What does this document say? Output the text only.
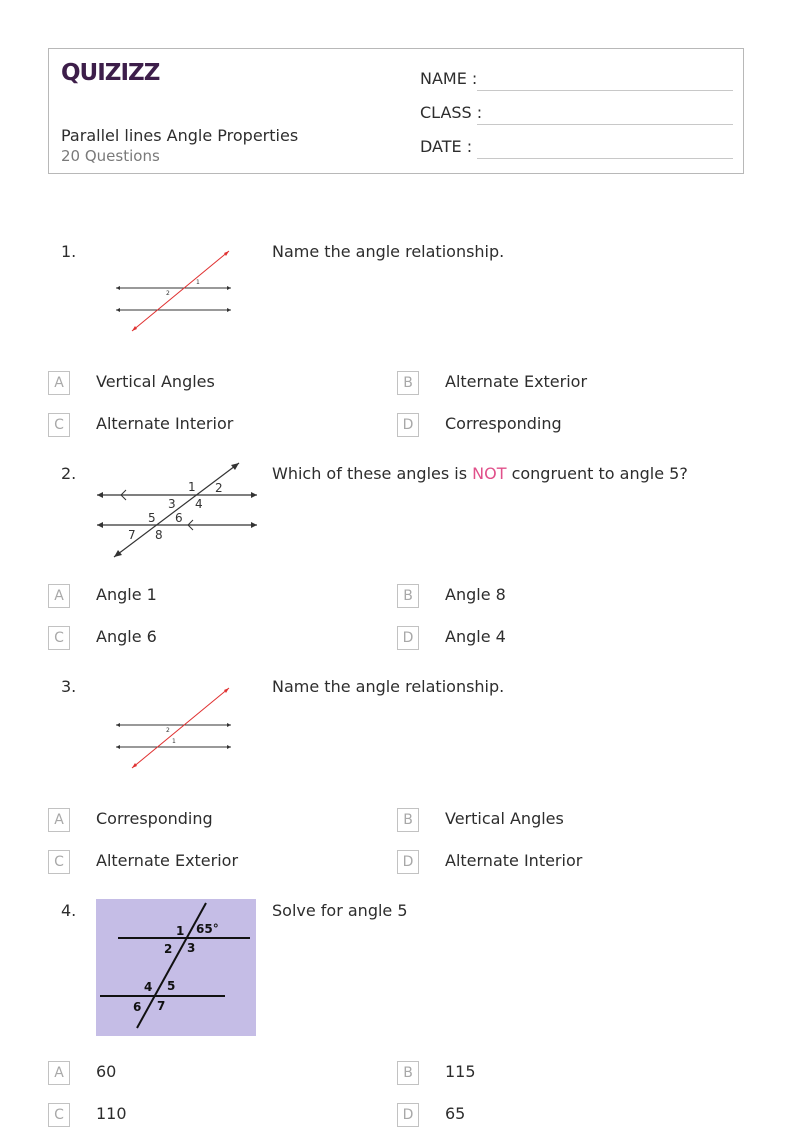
QUIZIZZ
Parallel lines Angle Properties
20 Questions
NAME :
CLASS :
DATE :
1.
1
2
Name the angle relationship.
A	Vertical Angles	B	Alternate Exterior
C	Alternate Interior	D	Corresponding
2.
1 2
3 4
5 6
7 8
Which of these angles is NOT congruent to angle 5?
A	Angle 1	B	Angle 8
C	Angle 6	D	Angle 4
3.
2
1
Name the angle relationship.
A	Corresponding	B	Vertical Angles
C	Alternate Exterior	D	Alternate Interior
4.
1 65°
2 3
4 5
6 7
Solve for angle 5
A	60	B	115
C	110	D	65
